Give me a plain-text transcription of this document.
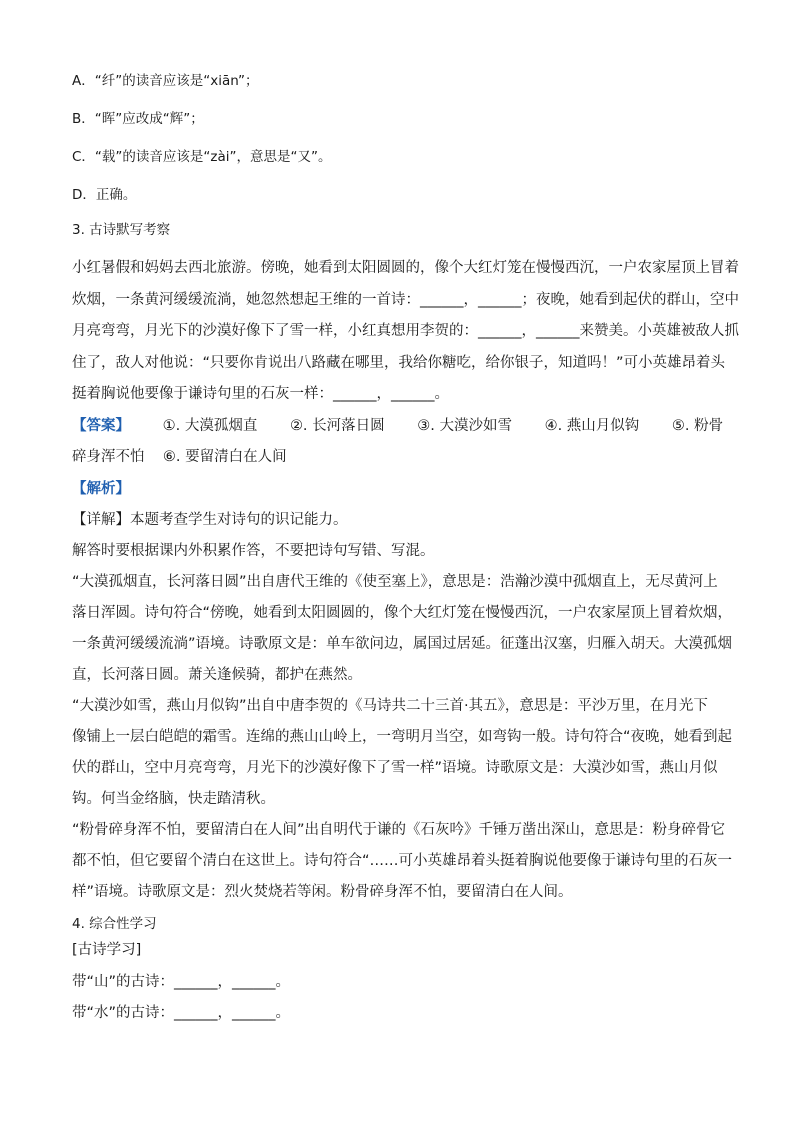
A．“纤”的读音应该是“xiān”；
B．“晖”应改成“辉”；
C．“载”的读音应该是“zài”，意思是“又”。
D．正确。
3. 古诗默写考察
小红暑假和妈妈去西北旅游。傍晚，她看到太阳圆圆的，像个大红灯笼在慢慢西沉，一户农家屋顶上冒着
炊烟，一条黄河缓缓流淌，她忽然想起王维的一首诗：______，______；夜晚，她看到起伏的群山，空中
月亮弯弯，月光下的沙漠好像下了雪一样，小红真想用李贺的：______，______来赞美。小英雄被敌人抓
住了，敌人对他说：“只要你肯说出八路藏在哪里，我给你糖吃，给你银子，知道吗！”可小英雄昂着头
挺着胸说他要像于谦诗句里的石灰一样：______，______。
【答案】 ①. 大漠孤烟直 ②. 长河落日圆 ③. 大漠沙如雪 ④. 燕山月似钩 ⑤. 粉骨
碎身浑不怕    ⑥. 要留清白在人间
【解析】
【详解】本题考查学生对诗句的识记能力。
解答时要根据课内外积累作答，不要把诗句写错、写混。
“大漠孤烟直，长河落日圆”出自唐代王维的《使至塞上》，意思是：浩瀚沙漠中孤烟直上，无尽黄河上
落日浑圆。诗句符合“傍晚，她看到太阳圆圆的，像个大红灯笼在慢慢西沉，一户农家屋顶上冒着炊烟，
一条黄河缓缓流淌”语境。诗歌原文是：单车欲问边，属国过居延。征蓬出汉塞，归雁入胡天。大漠孤烟
直，长河落日圆。萧关逢候骑，都护在燕然。
“大漠沙如雪，燕山月似钩”出自中唐李贺的《马诗共二十三首·其五》，意思是：平沙万里，在月光下
像铺上一层白皑皑的霜雪。连绵的燕山山岭上，一弯明月当空，如弯钩一般。诗句符合“夜晚，她看到起
伏的群山，空中月亮弯弯，月光下的沙漠好像下了雪一样”语境。诗歌原文是：大漠沙如雪，燕山月似
钩。何当金络脑，快走踏清秋。
“粉骨碎身浑不怕，要留清白在人间”出自明代于谦的《石灰吟》千锤万凿出深山，意思是：粉身碎骨它
都不怕，但它要留个清白在这世上。诗句符合“……可小英雄昂着头挺着胸说他要像于谦诗句里的石灰一
样”语境。诗歌原文是：烈火焚烧若等闲。粉骨碎身浑不怕，要留清白在人间。
4. 综合性学习
[古诗学习]
带“山”的古诗：______，______。
带“水”的古诗：______，______。
